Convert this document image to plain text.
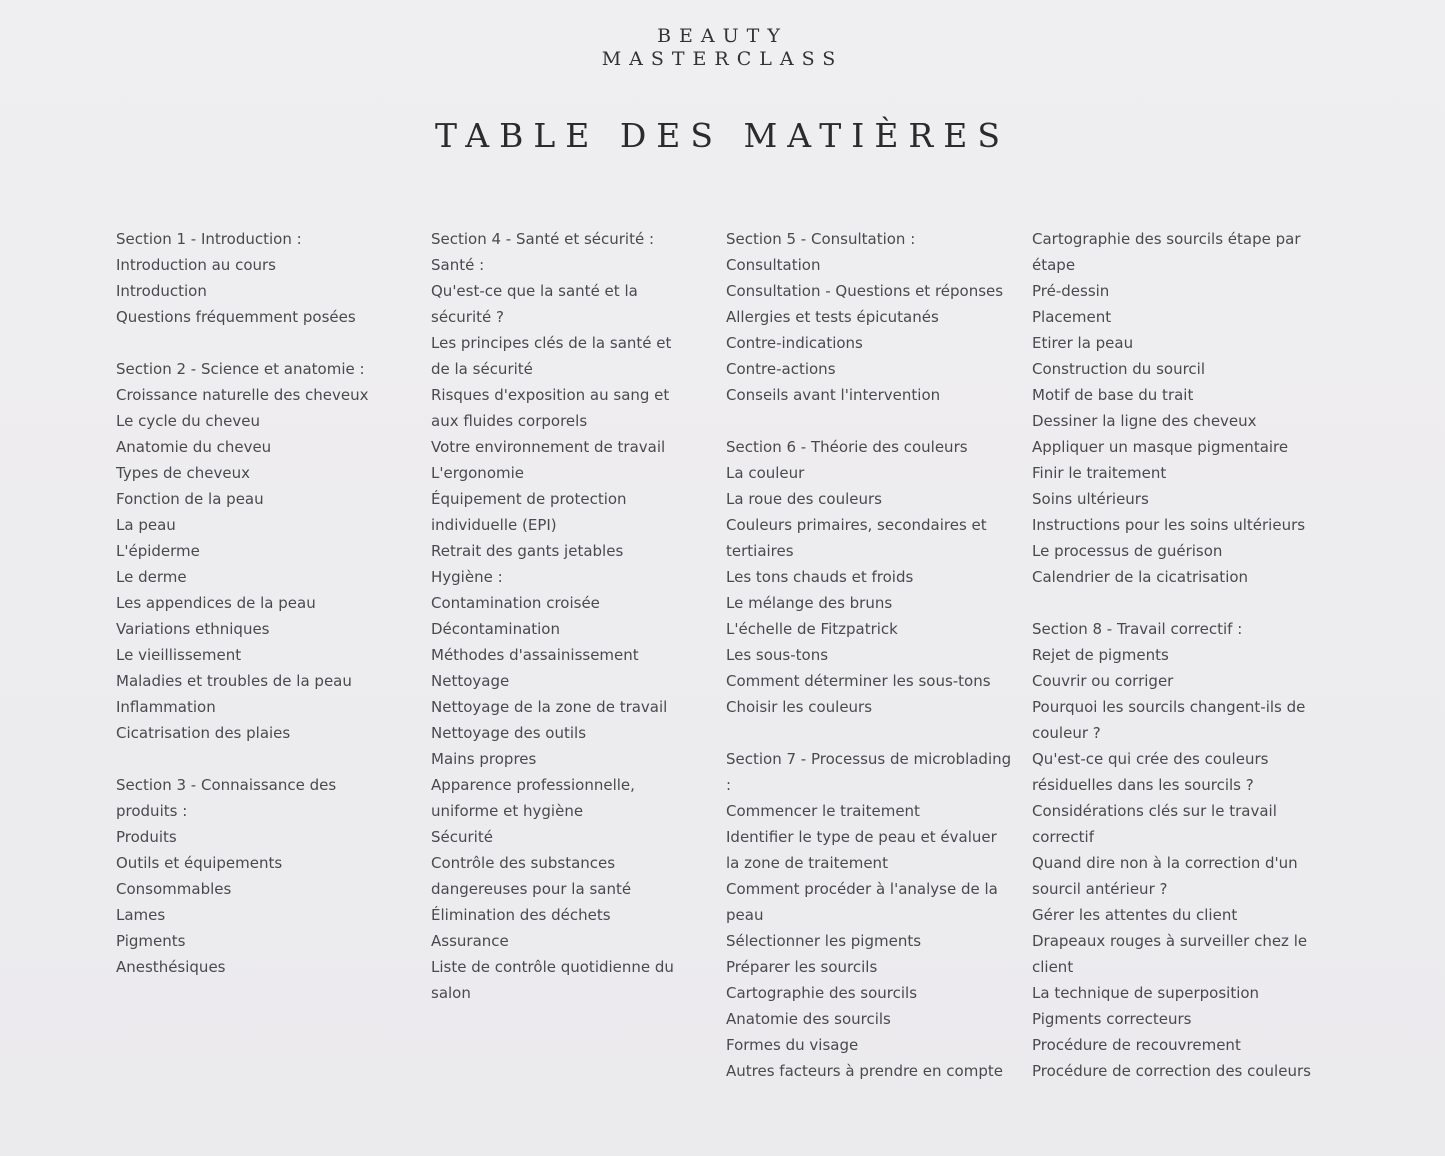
BEAUTY
MASTERCLASS
TABLE DES MATIÈRES
Section 1 - Introduction :
Introduction au cours
Introduction
Questions fréquemment posées
Section 2 - Science et anatomie :
Croissance naturelle des cheveux
Le cycle du cheveu
Anatomie du cheveu
Types de cheveux
Fonction de la peau
La peau
L'épiderme
Le derme
Les appendices de la peau
Variations ethniques
Le vieillissement
Maladies et troubles de la peau
Inflammation
Cicatrisation des plaies
Section 3 - Connaissance des
produits :
Produits
Outils et équipements
Consommables
Lames
Pigments
Anesthésiques
Section 4 - Santé et sécurité :
Santé :
Qu'est-ce que la santé et la
sécurité ?
Les principes clés de la santé et
de la sécurité
Risques d'exposition au sang et
aux fluides corporels
Votre environnement de travail
L'ergonomie
Équipement de protection
individuelle (EPI)
Retrait des gants jetables
Hygiène :
Contamination croisée
Décontamination
Méthodes d'assainissement
Nettoyage
Nettoyage de la zone de travail
Nettoyage des outils
Mains propres
Apparence professionnelle,
uniforme et hygiène
Sécurité
Contrôle des substances
dangereuses pour la santé
Élimination des déchets
Assurance
Liste de contrôle quotidienne du
salon
Section 5 - Consultation :
Consultation
Consultation - Questions et réponses
Allergies et tests épicutanés
Contre-indications
Contre-actions
Conseils avant l'intervention
Section 6 - Théorie des couleurs
La couleur
La roue des couleurs
Couleurs primaires, secondaires et
tertiaires
Les tons chauds et froids
Le mélange des bruns
L'échelle de Fitzpatrick
Les sous-tons
Comment déterminer les sous-tons
Choisir les couleurs
Section 7 - Processus de microblading
:
Commencer le traitement
Identifier le type de peau et évaluer
la zone de traitement
Comment procéder à l'analyse de la
peau
Sélectionner les pigments
Préparer les sourcils
Cartographie des sourcils
Anatomie des sourcils
Formes du visage
Autres facteurs à prendre en compte
Cartographie des sourcils étape par
étape
Pré-dessin
Placement
Etirer la peau
Construction du sourcil
Motif de base du trait
Dessiner la ligne des cheveux
Appliquer un masque pigmentaire
Finir le traitement
Soins ultérieurs
Instructions pour les soins ultérieurs
Le processus de guérison
Calendrier de la cicatrisation
Section 8 - Travail correctif :
Rejet de pigments
Couvrir ou corriger
Pourquoi les sourcils changent-ils de
couleur ?
Qu'est-ce qui crée des couleurs
résiduelles dans les sourcils ?
Considérations clés sur le travail
correctif
Quand dire non à la correction d'un
sourcil antérieur ?
Gérer les attentes du client
Drapeaux rouges à surveiller chez le
client
La technique de superposition
Pigments correcteurs
Procédure de recouvrement
Procédure de correction des couleurs
